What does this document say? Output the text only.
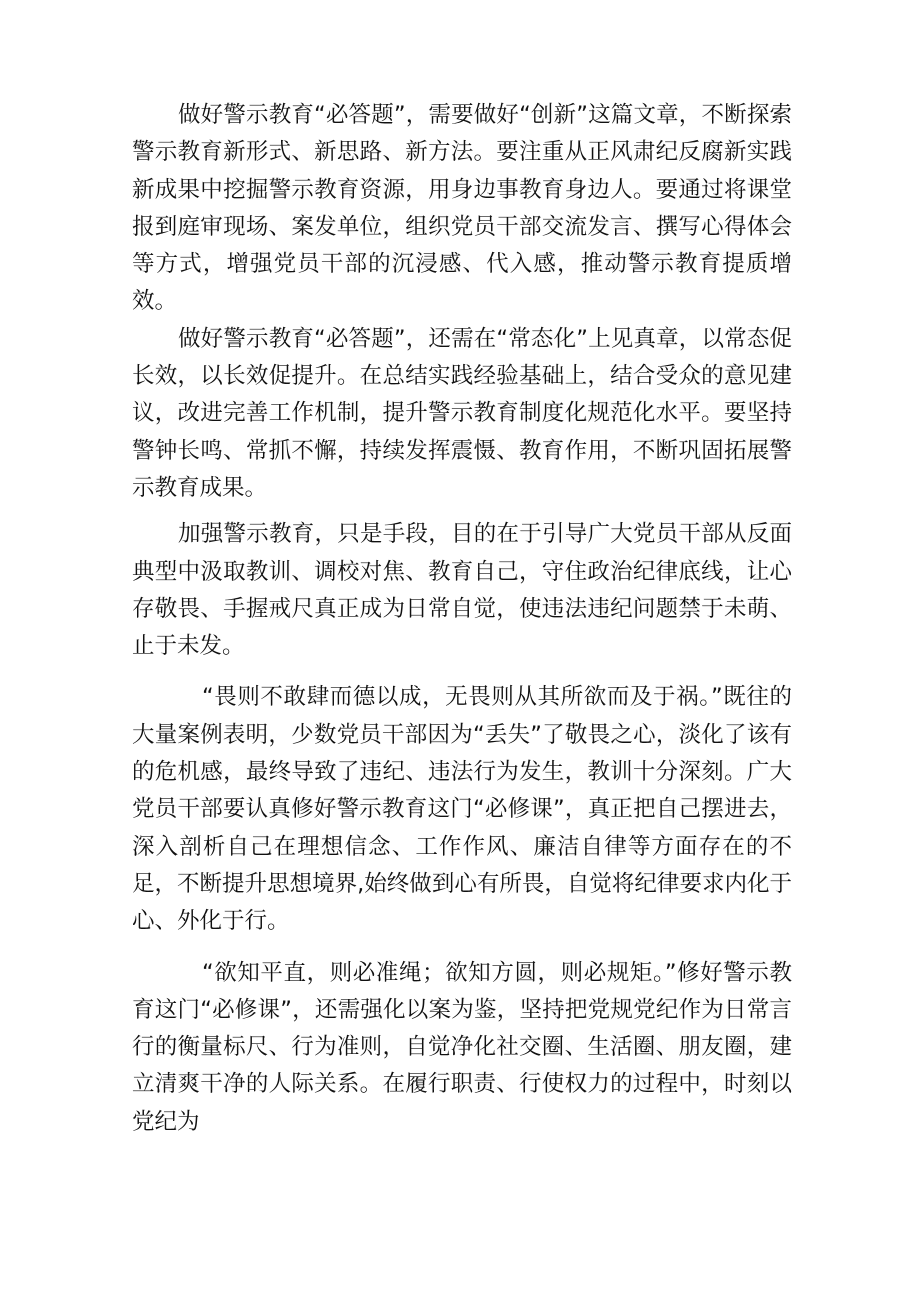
做好警示教育“必答题”，需要做好“创新”这篇文章，不断探索警示教育新形式、新思路、新方法。要注重从正风肃纪反腐新实践新成果中挖掘警示教育资源，用身边事教育身边人。要通过将课堂报到庭审现场、案发单位，组织党员干部交流发言、撰写心得体会等方式，增强党员干部的沉浸感、代入感，推动警示教育提质增效。

做好警示教育“必答题”，还需在“常态化”上见真章，以常态促长效，以长效促提升。在总结实践经验基础上，结合受众的意见建议，改进完善工作机制，提升警示教育制度化规范化水平。要坚持警钟长鸣、常抓不懈，持续发挥震慑、教育作用，不断巩固拓展警示教育成果。

加强警示教育，只是手段，目的在于引导广大党员干部从反面典型中汲取教训、调校对焦、教育自己，守住政治纪律底线，让心存敬畏、手握戒尺真正成为日常自觉，使违法违纪问题禁于未萌、止于未发。

“畏则不敢肆而德以成，无畏则从其所欲而及于祸。”既往的大量案例表明，少数党员干部因为“丢失”了敬畏之心，淡化了该有的危机感，最终导致了违纪、违法行为发生，教训十分深刻。广大党员干部要认真修好警示教育这门“必修课”，真正把自己摆进去，深入剖析自己在理想信念、工作作风、廉洁自律等方面存在的不足，不断提升思想境界,始终做到心有所畏，自觉将纪律要求内化于心、外化于行。

“欲知平直，则必准绳；欲知方圆，则必规矩。”修好警示教育这门“必修课”，还需强化以案为鉴，坚持把党规党纪作为日常言行的衡量标尺、行为准则，自觉净化社交圈、生活圈、朋友圈，建立清爽干净的人际关系。在履行职责、行使权力的过程中，时刻以党纪为
